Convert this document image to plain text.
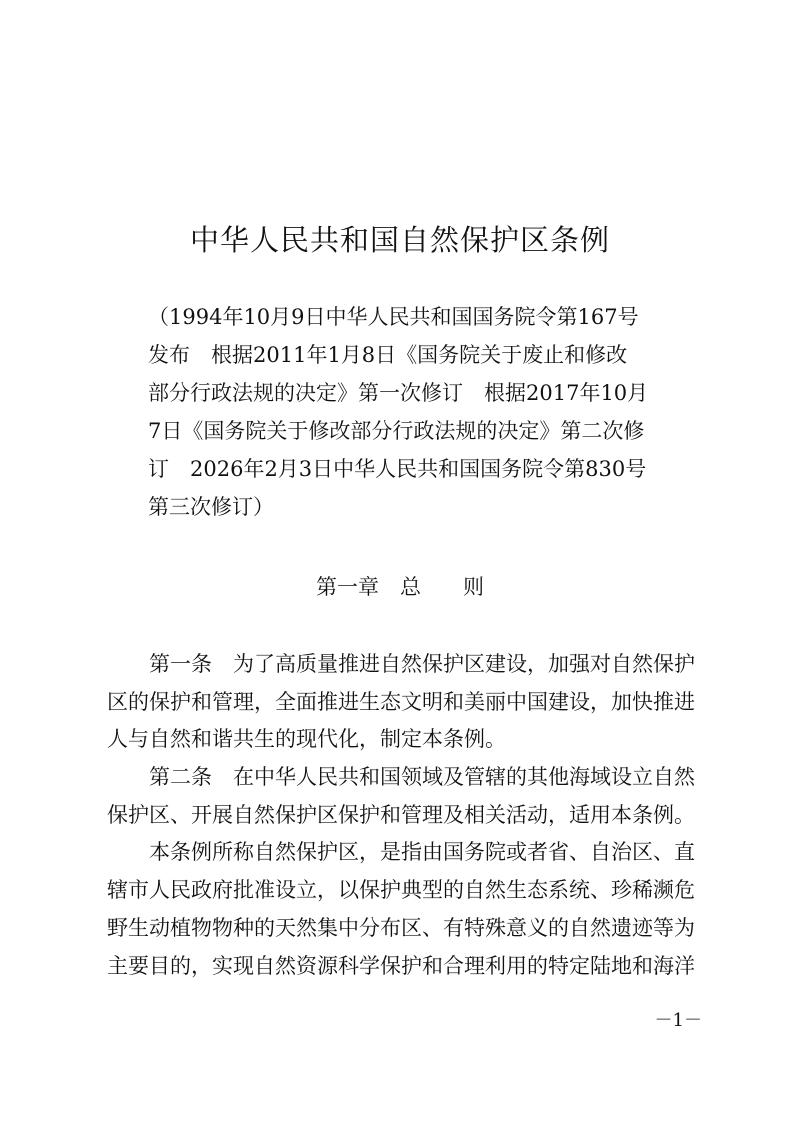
中华人民共和国自然保护区条例
（1994年10月9日中华人民共和国国务院令第167号
发布　根据2011年1月8日《国务院关于废止和修改
部分行政法规的决定》第一次修订　根据2017年10月
7日《国务院关于修改部分行政法规的决定》第二次修
订　2026年2月3日中华人民共和国国务院令第830号
第三次修订）
第一章　总　　则
　　第一条　为了高质量推进自然保护区建设，加强对自然保护
区的保护和管理，全面推进生态文明和美丽中国建设，加快推进
人与自然和谐共生的现代化，制定本条例。
　　第二条　在中华人民共和国领域及管辖的其他海域设立自然
保护区、开展自然保护区保护和管理及相关活动，适用本条例。
　　本条例所称自然保护区，是指由国务院或者省、自治区、直
辖市人民政府批准设立，以保护典型的自然生态系统、珍稀濒危
野生动植物物种的天然集中分布区、有特殊意义的自然遗迹等为
主要目的，实现自然资源科学保护和合理利用的特定陆地和海洋
－1－
